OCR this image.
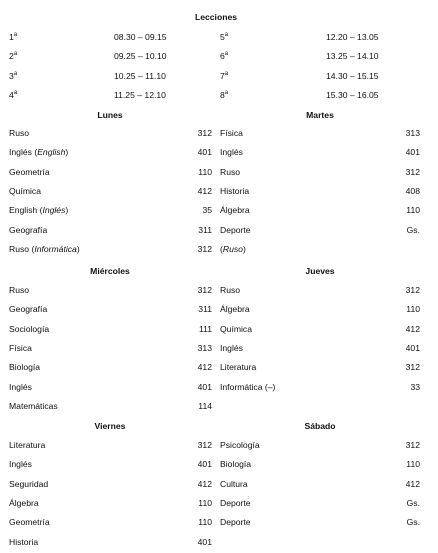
Lecciones
1$^a$	08.30 – 09.15
2$^a$	09.25 – 10.10
3$^a$	10.25 – 11.10
4$^a$	11.25 – 12.10
5$^a$	12.20 – 13.05
6$^a$	13.25 – 14.10
7$^a$	14.30 – 15.15
8$^a$	15.30 – 16.05
Lunes
Ruso	312
Inglés (English)	401
Geometría	110
Química	412
English (Inglés)	35
Geografía	311
Ruso (Informática)	312
Martes
Física	313
Inglés	401
Ruso	312
Historia	408
Álgebra	110
Deporte	Gs.
(Ruso)
Miércoles
Ruso	312
Geografía	311
Sociología	111
Física	313
Biología	412
Inglés	401
Matemáticas	114
Jueves
Ruso	312
Álgebra	110
Química	412
Inglés	401
Literatura	312
Informática (–)	33
Viernes
Literatura	312
Inglés	401
Seguridad	412
Álgebra	110
Geometría	110
Historia	401
Sábado
Psicología	312
Biología	110
Cultura	412
Deporte	Gs.
Deporte	Gs.
